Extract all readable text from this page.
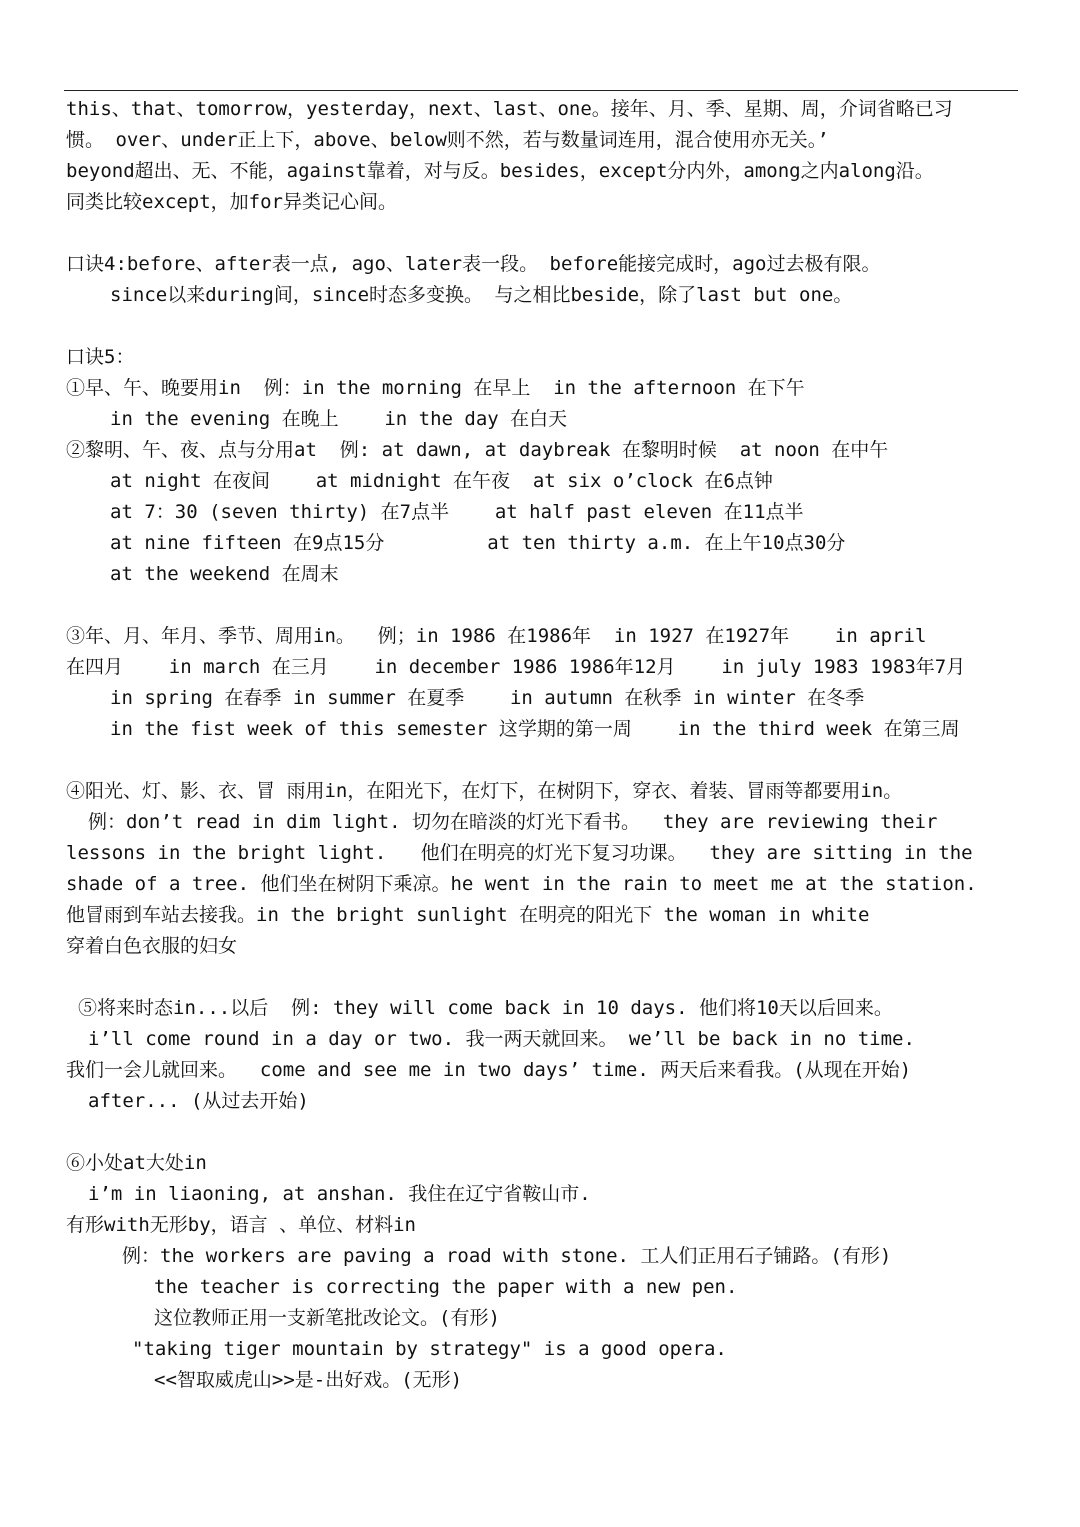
this、that、tomorrow，yesterday，next、last、one。接年、月、季、星期、周，介词省略已习
惯。 over、under正上下，above、below则不然，若与数量词连用，混合使用亦无关。’
beyond超出、无、不能，against靠着，对与反。besides，except分内外，among之内along沿。
同类比较except，加for异类记心间。
口诀4:before、after表一点, ago、later表一段。 before能接完成时，ago过去极有限。
since以来during间，since时态多变换。 与之相比beside，除了last but one。
口诀5：
①早、午、晚要用in  例：in the morning 在早上  in the afternoon 在下午
in the evening 在晚上    in the day 在白天
②黎明、午、夜、点与分用at  例: at dawn, at daybreak 在黎明时候  at noon 在中午
at night 在夜间    at midnight 在午夜  at six o’clock 在6点钟
at 7：30 (seven thirty) 在7点半    at half past eleven 在11点半
at nine fifteen 在9点15分         at ten thirty a.m. 在上午10点30分
at the weekend 在周末
③年、月、年月、季节、周用in。  例；in 1986 在1986年  in 1927 在1927年    in april
在四月    in march 在三月    in december 1986 1986年12月    in july 1983 1983年7月
in spring 在春季 in summer 在夏季    in autumn 在秋季 in winter 在冬季
in the fist week of this semester 这学期的第一周    in the third week 在第三周
④阳光、灯、影、衣、冒 雨用in，在阳光下，在灯下，在树阴下，穿衣、着装、冒雨等都要用in。
例：don’t read in dim light. 切勿在暗淡的灯光下看书。  they are reviewing their
lessons in the bright light.   他们在明亮的灯光下复习功课。  they are sitting in the
shade of a tree. 他们坐在树阴下乘凉。he went in the rain to meet me at the station.
他冒雨到车站去接我。in the bright sunlight 在明亮的阳光下 the woman in white
穿着白色衣服的妇女
⑤将来时态in...以后  例: they will come back in 10 days. 他们将10天以后回来。
i’ll come round in a day or two. 我一两天就回来。 we’ll be back in no time.
我们一会儿就回来。  come and see me in two days’ time. 两天后来看我。(从现在开始)
after... (从过去开始)
⑥小处at大处in
i’m in liaoning, at anshan. 我住在辽宁省鞍山市.
有形with无形by，语言 、单位、材料in
例：the workers are paving a road with stone. 工人们正用石子铺路。(有形)
the teacher is correcting the paper with a new pen.
这位教师正用一支新笔批改论文。(有形)
"taking tiger mountain by strategy" is a good opera.
<<智取威虎山>>是-出好戏。(无形)
